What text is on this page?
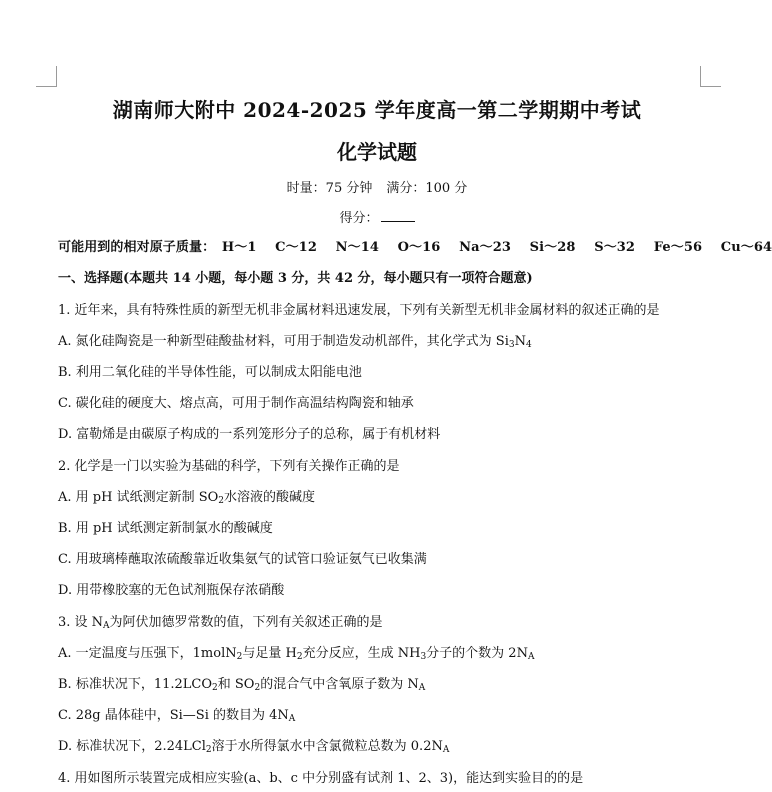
湖南师大附中 2024-2025 学年度高一第二学期期中考试
化学试题
时量：75 分钟 满分：100 分
得分：
可能用到的相对原子质量： H～1 C～12 N～14 O～16 Na～23 Si～28 S～32 Fe～56 Cu～64
一、选择题(本题共 14 小题，每小题 3 分，共 42 分，每小题只有一项符合题意)
1. 近年来，具有特殊性质的新型无机非金属材料迅速发展，下列有关新型无机非金属材料的叙述正确的是
A. 氮化硅陶瓷是一种新型硅酸盐材料，可用于制造发动机部件，其化学式为 $Si_3N_4$
B. 利用二氧化硅的半导体性能，可以制成太阳能电池
C. 碳化硅的硬度大、熔点高，可用于制作高温结构陶瓷和轴承
D. 富勒烯是由碳原子构成的一系列笼形分子的总称，属于有机材料
2. 化学是一门以实验为基础的科学，下列有关操作正确的是
A. 用 pH 试纸测定新制 $SO_2$水溶液的酸碱度
B. 用 pH 试纸测定新制氯水的酸碱度
C. 用玻璃棒蘸取浓硫酸靠近收集氨气的试管口验证氨气已收集满
D. 用带橡胶塞的无色试剂瓶保存浓硝酸
3. 设 $N_A$为阿伏加德罗常数的值，下列有关叙述正确的是
A. 一定温度与压强下，1molN$_2$与足量 $H_2$充分反应，生成 $NH_3$分子的个数为 $2N_A$
B. 标准状况下，$11.2LCO_2$和 $SO_2$的混合气中含氧原子数为 $N_A$
C. 28g 晶体硅中，Si—Si 的数目为 $4N_A$
D. 标准状况下，2.24LCl$_2$溶于水所得氯水中含氯微粒总数为 $0.2N_A$
4. 用如图所示装置完成相应实验(a、b、c 中分别盛有试剂 1、2、3)，能达到实验目的的是
